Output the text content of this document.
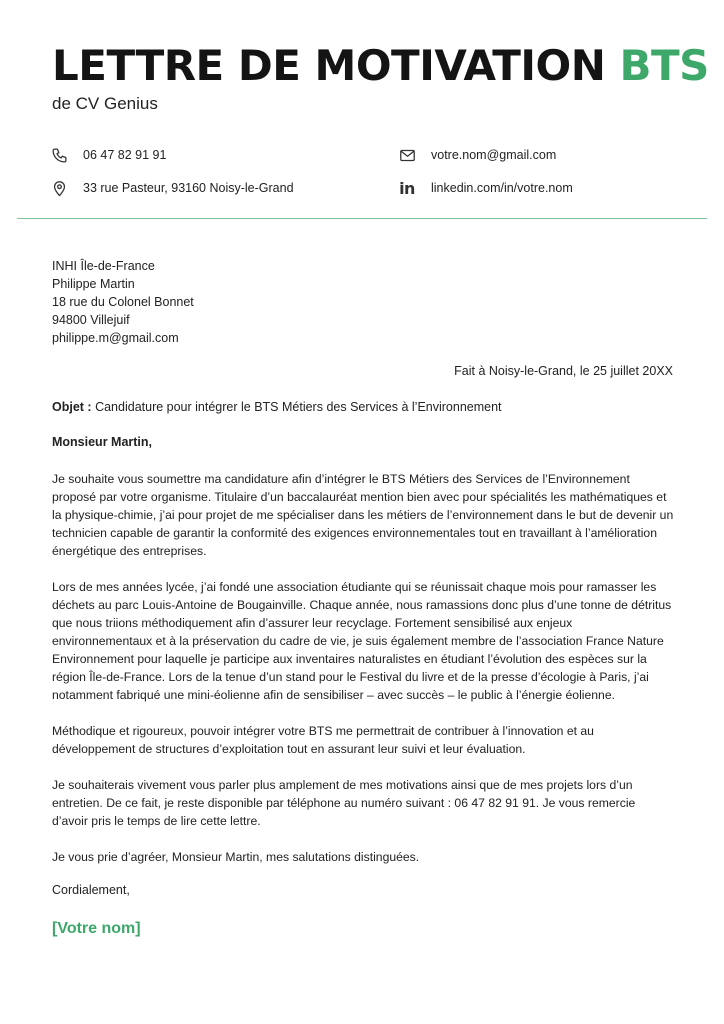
LETTRE DE MOTIVATION BTS
de CV Genius
06 47 82 91 91	votre.nom@gmail.com
33 rue Pasteur, 93160 Noisy-le-Grand	in linkedin.com/in/votre.nom
INHI Île-de-France
Philippe Martin
18 rue du Colonel Bonnet
94800 Villejuif
philippe.m@gmail.com
Fait à Noisy-le-Grand, le 25 juillet 20XX
Objet : Candidature pour intégrer le BTS Métiers des Services à l’Environnement
Monsieur Martin,

Je souhaite vous soumettre ma candidature afin d’intégrer le BTS Métiers des Services de l’Environnement proposé par votre organisme. Titulaire d’un baccalauréat mention bien avec pour spécialités les mathématiques et la physique-chimie, j’ai pour projet de me spécialiser dans les métiers de l’environnement dans le but de devenir un technicien capable de garantir la conformité des exigences environnementales tout en travaillant à l’amélioration énergétique des entreprises.

Lors de mes années lycée, j’ai fondé une association étudiante qui se réunissait chaque mois pour ramasser les déchets au parc Louis-Antoine de Bougainville. Chaque année, nous ramassions donc plus d’une tonne de détritus que nous triions méthodiquement afin d’assurer leur recyclage. Fortement sensibilisé aux enjeux environnementaux et à la préservation du cadre de vie, je suis également membre de l’association France Nature Environnement pour laquelle je participe aux inventaires naturalistes en étudiant l’évolution des espèces sur la région Île-de-France. Lors de la tenue d’un stand pour le Festival du livre et de la presse d’écologie à Paris, j’ai notamment fabriqué une mini-éolienne afin de sensibiliser – avec succès – le public à l’énergie éolienne.

Méthodique et rigoureux, pouvoir intégrer votre BTS me permettrait de contribuer à l’innovation et au développement de structures d’exploitation tout en assurant leur suivi et leur évaluation.

Je souhaiterais vivement vous parler plus amplement de mes motivations ainsi que de mes projets lors d’un entretien. De ce fait, je reste disponible par téléphone au numéro suivant : 06 47 82 91 91. Je vous remercie d’avoir pris le temps de lire cette lettre.

Je vous prie d’agréer, Monsieur Martin, mes salutations distinguées.

Cordialement,
[Votre nom]
